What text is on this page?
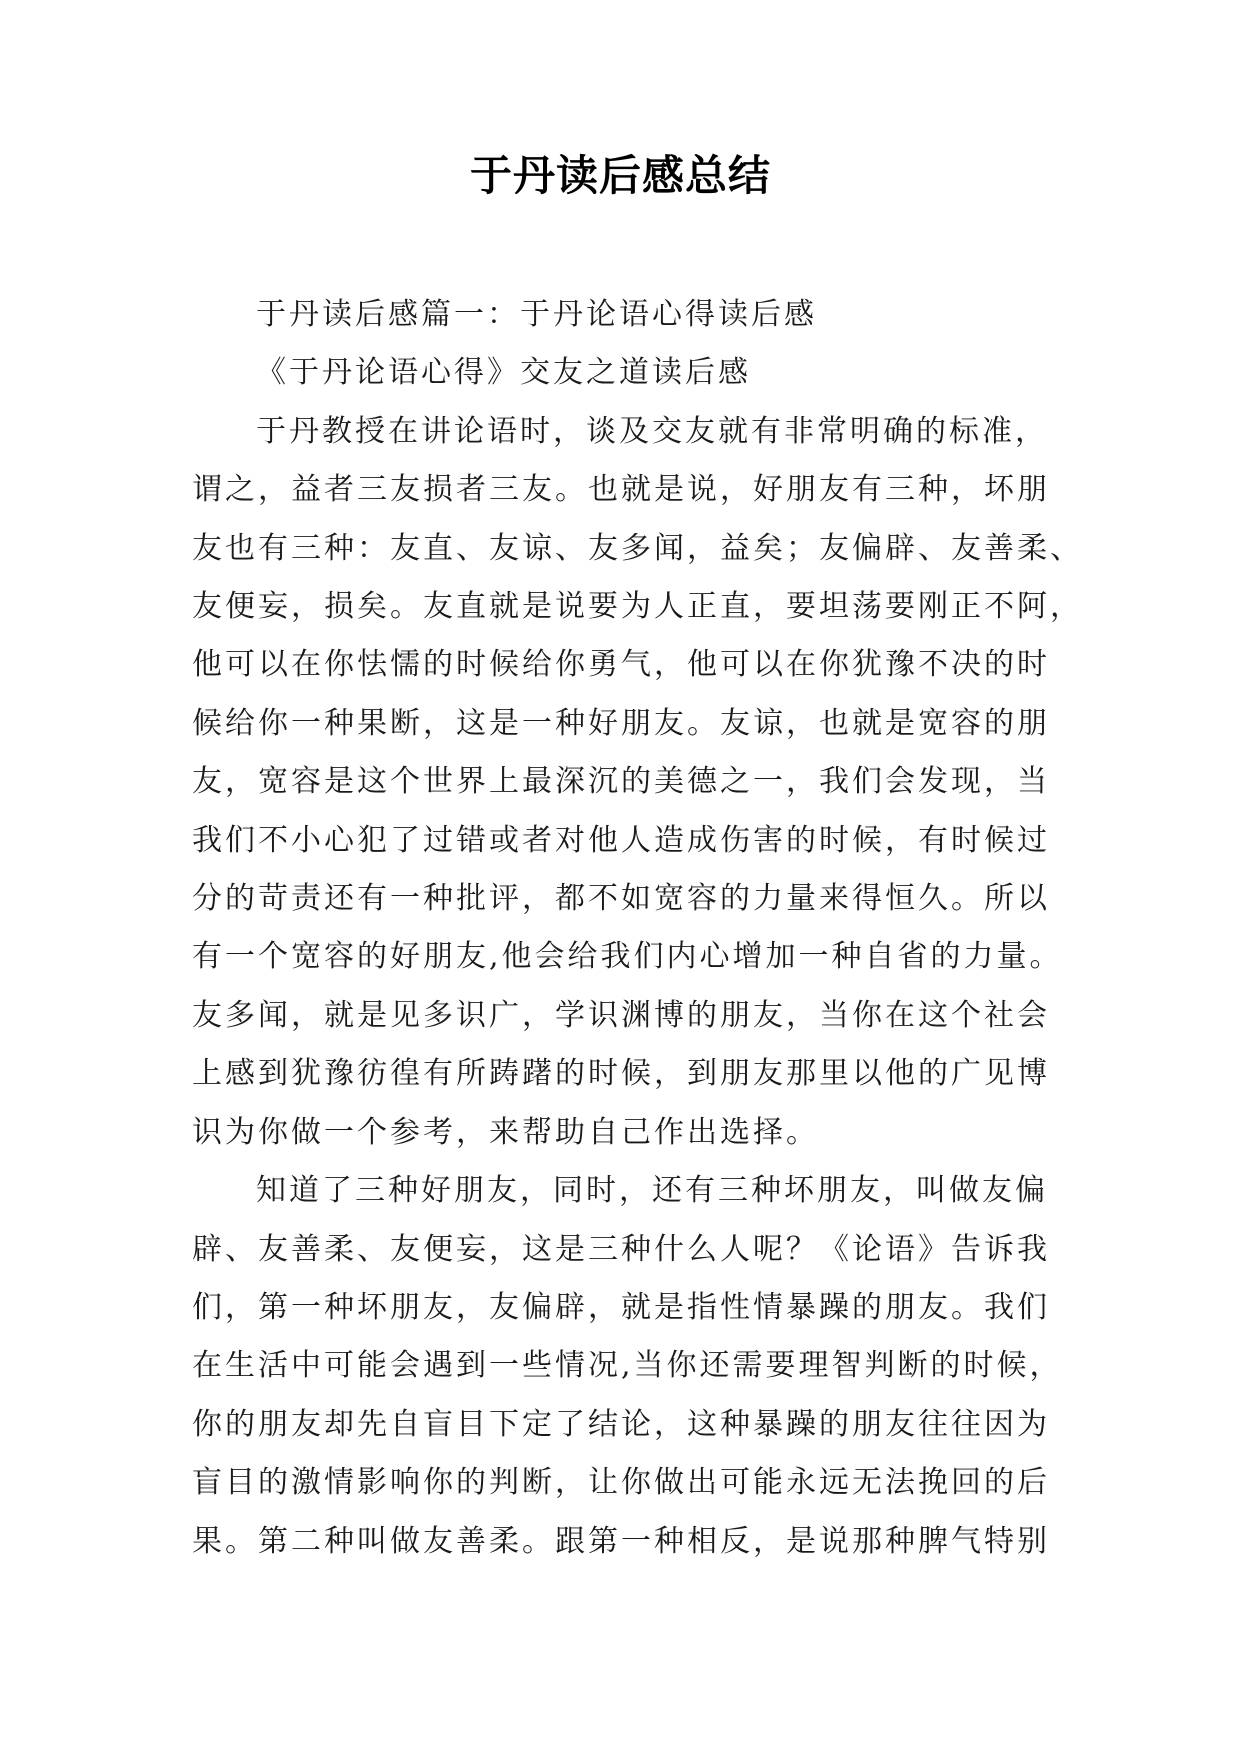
于丹读后感总结

于丹读后感篇一：于丹论语心得读后感

《于丹论语心得》交友之道读后感

于丹教授在讲论语时，谈及交友就有非常明确的标准，
谓之，益者三友损者三友。也就是说，好朋友有三种，坏朋
友也有三种：友直、友谅、友多闻，益矣；友偏辟、友善柔、
友便妄，损矣。友直就是说要为人正直，要坦荡要刚正不阿，
他可以在你怯懦的时候给你勇气，他可以在你犹豫不决的时
候给你一种果断，这是一种好朋友。友谅，也就是宽容的朋
友，宽容是这个世界上最深沉的美德之一，我们会发现，当
我们不小心犯了过错或者对他人造成伤害的时候，有时候过
分的苛责还有一种批评，都不如宽容的力量来得恒久。所以
有一个宽容的好朋友,他会给我们内心增加一种自省的力量。
友多闻，就是见多识广，学识渊博的朋友，当你在这个社会
上感到犹豫彷徨有所踌躇的时候，到朋友那里以他的广见博
识为你做一个参考，来帮助自己作出选择。

知道了三种好朋友，同时，还有三种坏朋友，叫做友偏
辟、友善柔、友便妄，这是三种什么人呢？《论语》告诉我
们，第一种坏朋友，友偏辟，就是指性情暴躁的朋友。我们
在生活中可能会遇到一些情况,当你还需要理智判断的时候，
你的朋友却先自盲目下定了结论，这种暴躁的朋友往往因为
盲目的激情影响你的判断，让你做出可能永远无法挽回的后
果。第二种叫做友善柔。跟第一种相反，是说那种脾气特别
